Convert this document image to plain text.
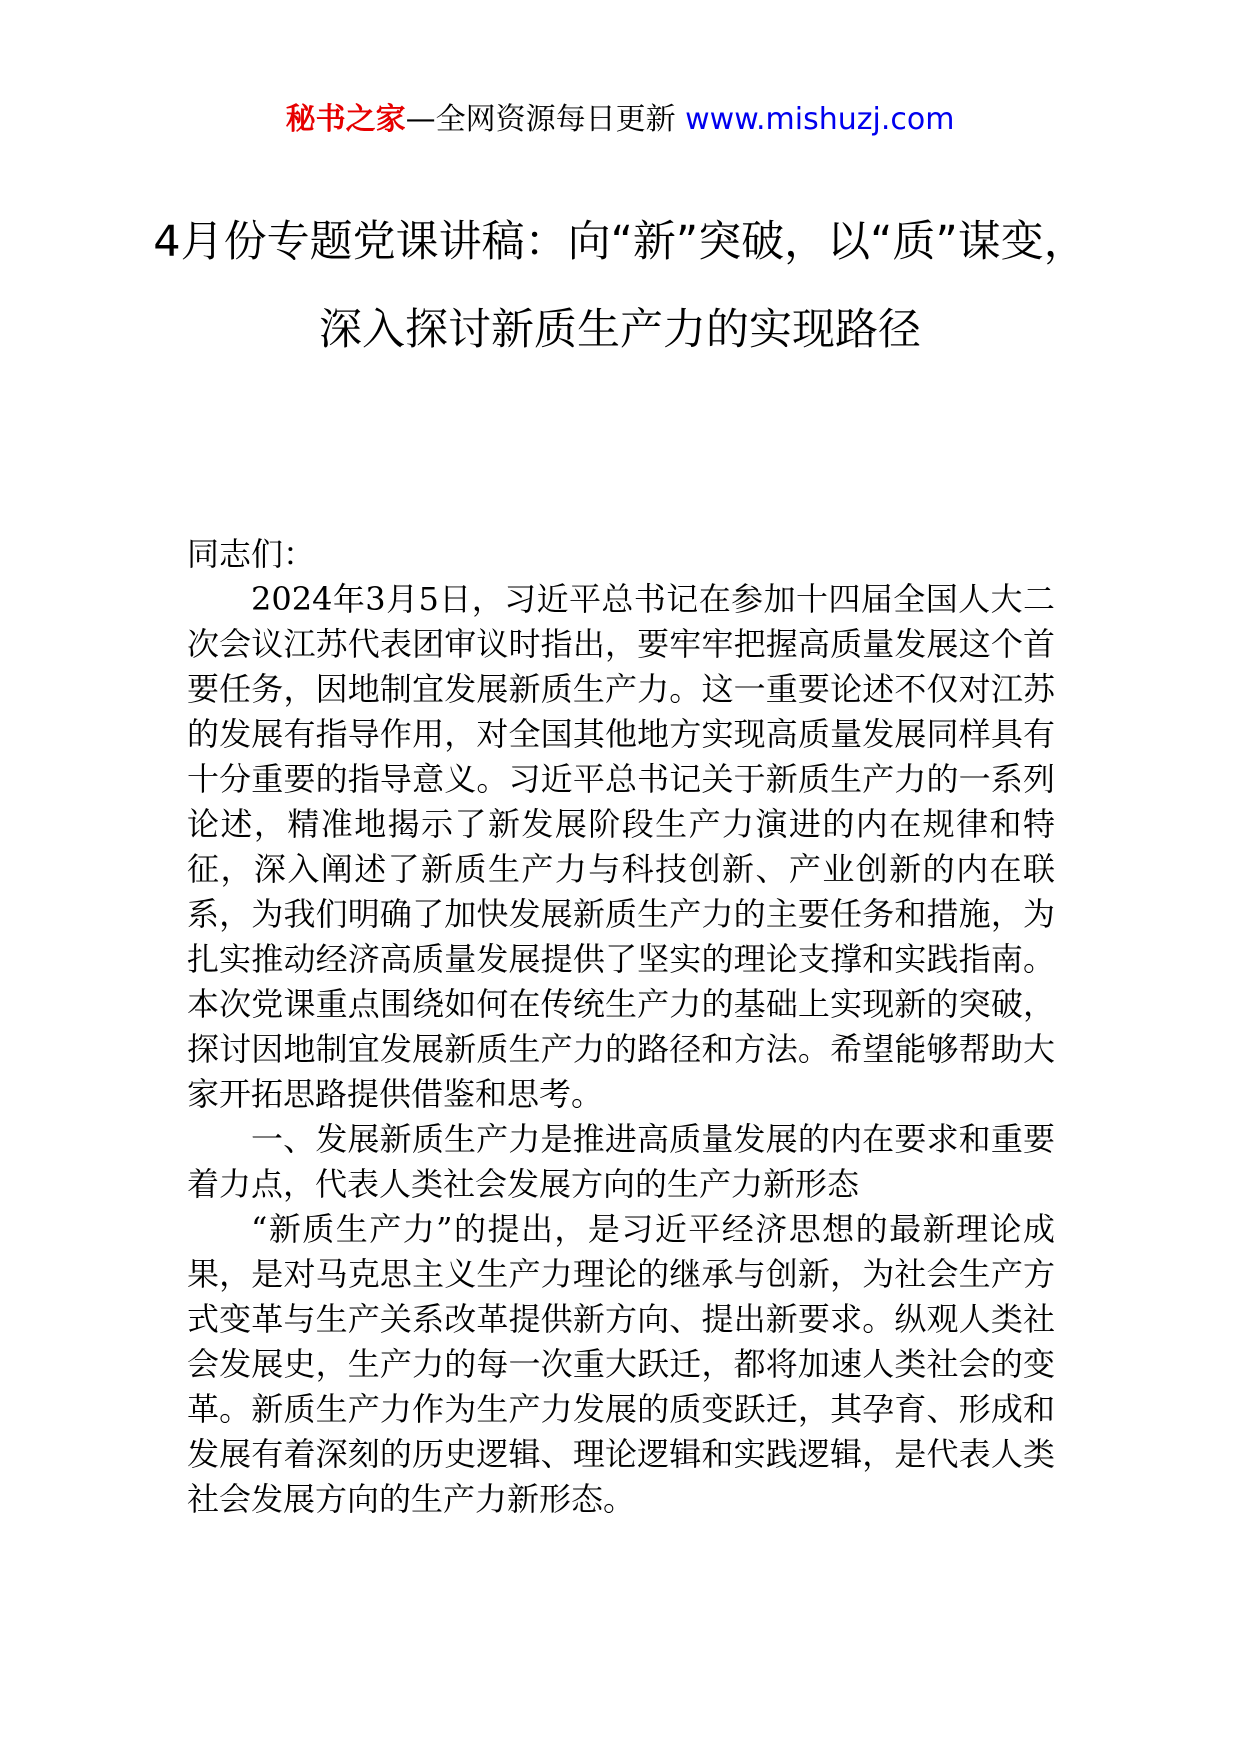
秘书之家—全网资源每日更新 www.mishuzj.com
4月份专题党课讲稿：向“新”突破，以“质”谋变，深入探讨新质生产力的实现路径

同志们：

2024年3月5日，习近平总书记在参加十四届全国人大二次会议江苏代表团审议时指出，要牢牢把握高质量发展这个首要任务，因地制宜发展新质生产力。这一重要论述不仅对江苏的发展有指导作用，对全国其他地方实现高质量发展同样具有十分重要的指导意义。习近平总书记关于新质生产力的一系列论述，精准地揭示了新发展阶段生产力演进的内在规律和特征，深入阐述了新质生产力与科技创新、产业创新的内在联系，为我们明确了加快发展新质生产力的主要任务和措施，为扎实推动经济高质量发展提供了坚实的理论支撑和实践指南。本次党课重点围绕如何在传统生产力的基础上实现新的突破，探讨因地制宜发展新质生产力的路径和方法。希望能够帮助大家开拓思路提供借鉴和思考。

一、发展新质生产力是推进高质量发展的内在要求和重要着力点，代表人类社会发展方向的生产力新形态

“新质生产力”的提出，是习近平经济思想的最新理论成果，是对马克思主义生产力理论的继承与创新，为社会生产方式变革与生产关系改革提供新方向、提出新要求。纵观人类社会发展史，生产力的每一次重大跃迁，都将加速人类社会的变革。新质生产力作为生产力发展的质变跃迁，其孕育、形成和发展有着深刻的历史逻辑、理论逻辑和实践逻辑，是代表人类社会发展方向的生产力新形态。
